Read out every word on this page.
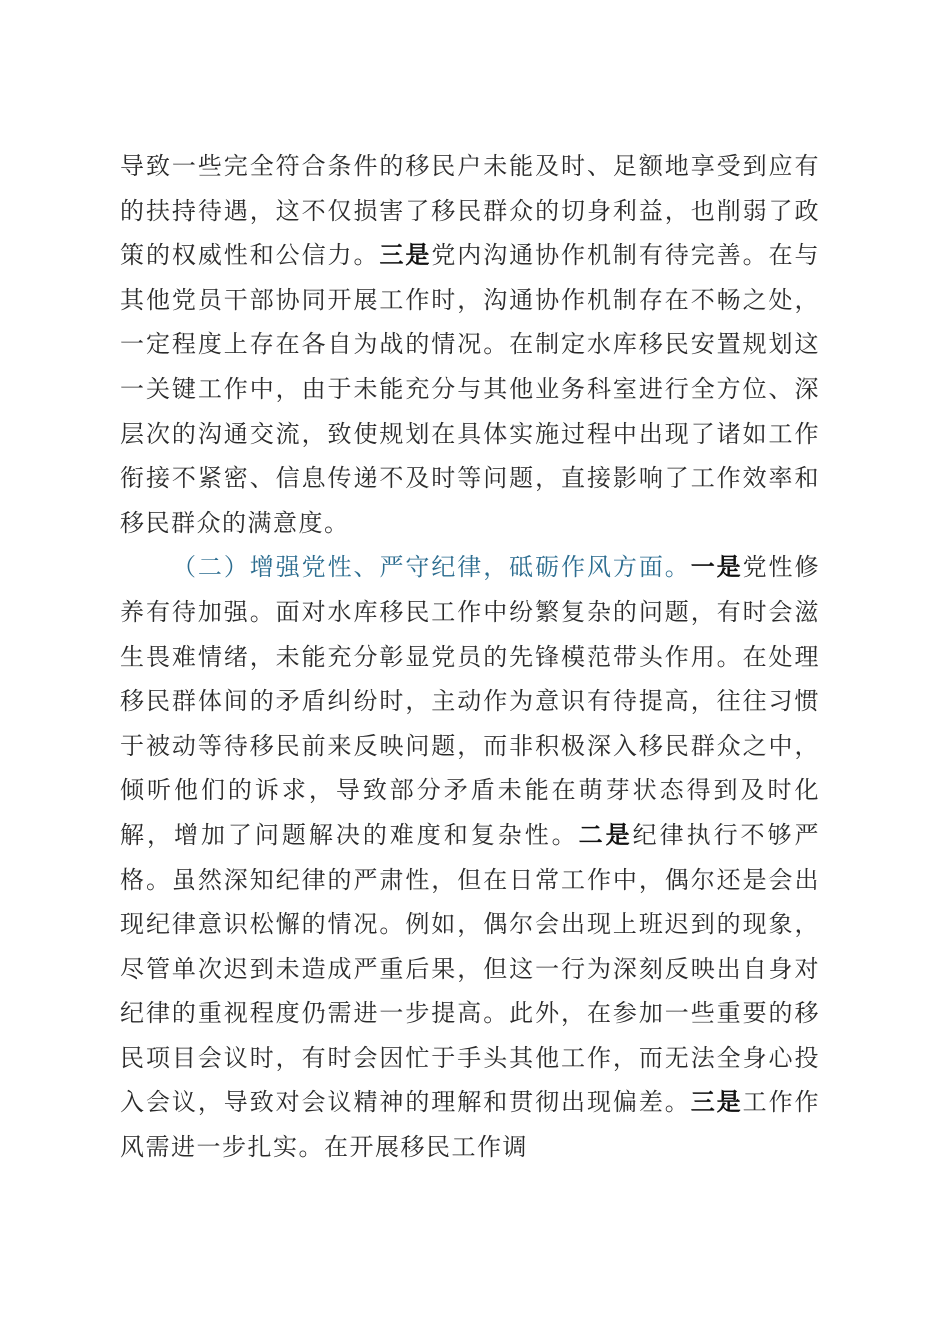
导致一些完全符合条件的移民户未能及时、足额地享受到应有的扶持待遇，这不仅损害了移民群众的切身利益，也削弱了政策的权威性和公信力。三是党内沟通协作机制有待完善。在与其他党员干部协同开展工作时，沟通协作机制存在不畅之处，一定程度上存在各自为战的情况。在制定水库移民安置规划这一关键工作中，由于未能充分与其他业务科室进行全方位、深层次的沟通交流，致使规划在具体实施过程中出现了诸如工作衔接不紧密、信息传递不及时等问题，直接影响了工作效率和移民群众的满意度。

（二）增强党性、严守纪律，砥砺作风方面。一是党性修养有待加强。面对水库移民工作中纷繁复杂的问题，有时会滋生畏难情绪，未能充分彰显党员的先锋模范带头作用。在处理移民群体间的矛盾纠纷时，主动作为意识有待提高，往往习惯于被动等待移民前来反映问题，而非积极深入移民群众之中，倾听他们的诉求，导致部分矛盾未能在萌芽状态得到及时化解，增加了问题解决的难度和复杂性。二是纪律执行不够严格。虽然深知纪律的严肃性，但在日常工作中，偶尔还是会出现纪律意识松懈的情况。例如，偶尔会出现上班迟到的现象，尽管单次迟到未造成严重后果，但这一行为深刻反映出自身对纪律的重视程度仍需进一步提高。此外，在参加一些重要的移民项目会议时，有时会因忙于手头其他工作，而无法全身心投入会议，导致对会议精神的理解和贯彻出现偏差。三是工作作风需进一步扎实。在开展移民工作调
